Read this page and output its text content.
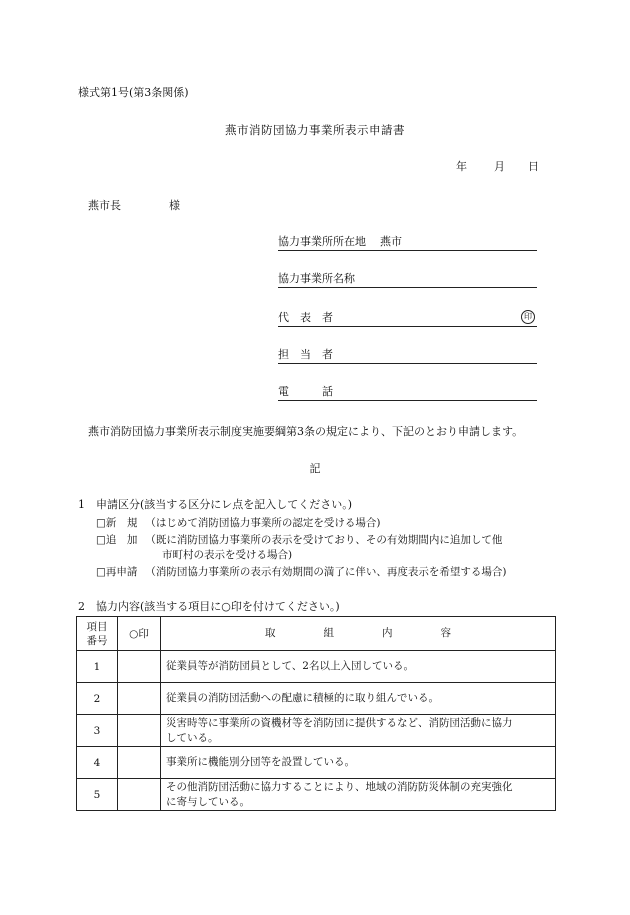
様式第1号(第3条関係)
燕市消防団協力事業所表示申請書
年 月 日
燕市長	様
協力事業所所在地 燕市
協力事業所名称
代　表　者	印
担　当　者
電　　　話
燕市消防団協力事業所表示制度実施要綱第3条の規定により、下記のとおり申請します。
記
1　申請区分(該当する区分にレ点を記入してください。)
□新　規 （はじめて消防団協力事業所の認定を受ける場合)
□追　加 （既に消防団協力事業所の表示を受けており、その有効期間内に追加して他
市町村の表示を受ける場合)
□再申請 （消防団協力事業所の表示有効期間の満了に伴い、再度表示を希望する場合)
2　協力内容(該当する項目に○印を付けてください。)
項目
番号	○印	取 組 内 容
1		従業員等が消防団員として、2名以上入団している。

2		従業員の消防団活動への配慮に積極的に取り組んでいる。

3		災害時等に事業所の資機材等を消防団に提供するなど、消防団活動に協力
している。

4		事業所に機能別分団等を設置している。

5		その他消防団活動に協力することにより、地域の消防防災体制の充実強化
に寄与している。
